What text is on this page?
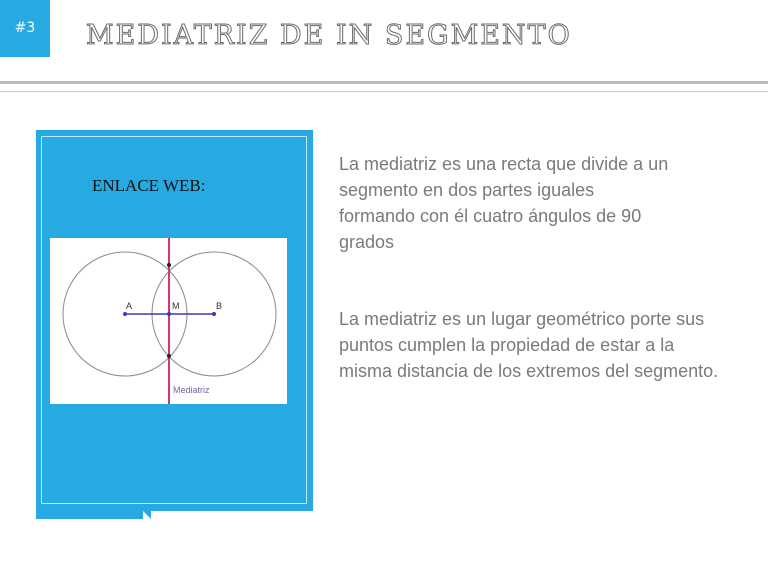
#3	MEDIATRIZ DE IN SEGMENTO
ENLACE WEB:
A	M	B
Mediatriz

La mediatriz es una recta que divide a un segmento en dos partes iguales formando con él cuatro ángulos de 90 grados

La mediatriz es un lugar geométrico porte sus puntos cumplen la propiedad de estar a la misma distancia de los extremos del segmento.
